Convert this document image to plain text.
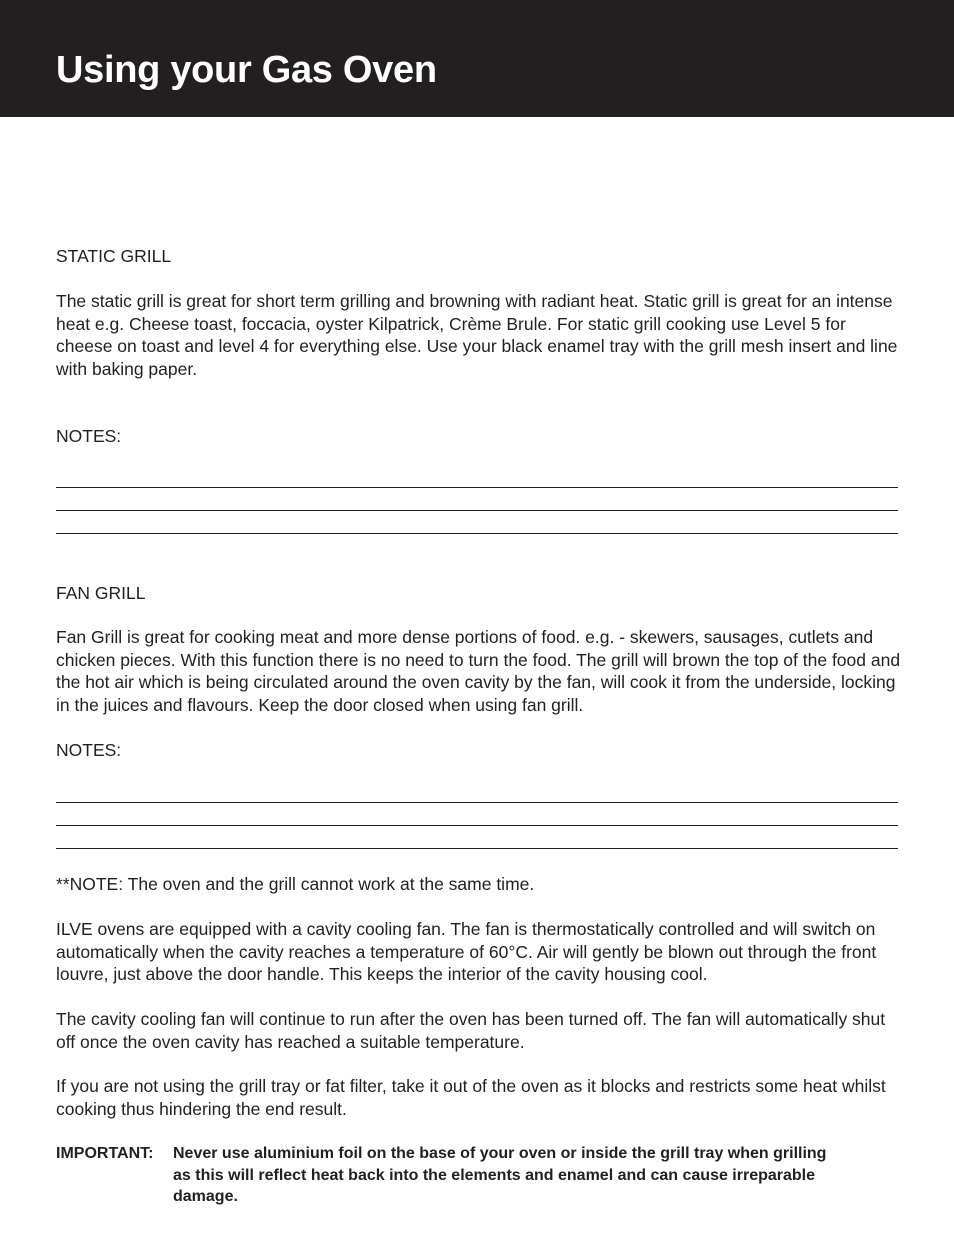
Using your Gas Oven
STATIC GRILL

The static grill is great for short term grilling and browning with radiant heat. Static grill is great for an intense heat e.g. Cheese toast, foccacia, oyster Kilpatrick, Crème Brule. For static grill cooking use Level 5 for cheese on toast and level 4 for everything else. Use your black enamel tray with the grill mesh insert and line with baking paper.

NOTES:

FAN GRILL

Fan Grill is great for cooking meat and more dense portions of food. e.g. - skewers, sausages, cutlets and chicken pieces. With this function there is no need to turn the food. The grill will brown the top of the food and the hot air which is being circulated around the oven cavity by the fan, will cook it from the underside, locking in the juices and flavours. Keep the door closed when using fan grill.

NOTES:

**NOTE: The oven and the grill cannot work at the same time.

ILVE ovens are equipped with a cavity cooling fan. The fan is thermostatically controlled and will switch on automatically when the cavity reaches a temperature of 60°C. Air will gently be blown out through the front louvre, just above the door handle. This keeps the interior of the cavity housing cool.

The cavity cooling fan will continue to run after the oven has been turned off. The fan will automatically shut off once the oven cavity has reached a suitable temperature.

If you are not using the grill tray or fat filter, take it out of the oven as it blocks and restricts some heat whilst cooking thus hindering the end result.

IMPORTANT: Never use aluminium foil on the base of your oven or inside the grill tray when grilling as this will reflect heat back into the elements and enamel and can cause irreparable damage.
